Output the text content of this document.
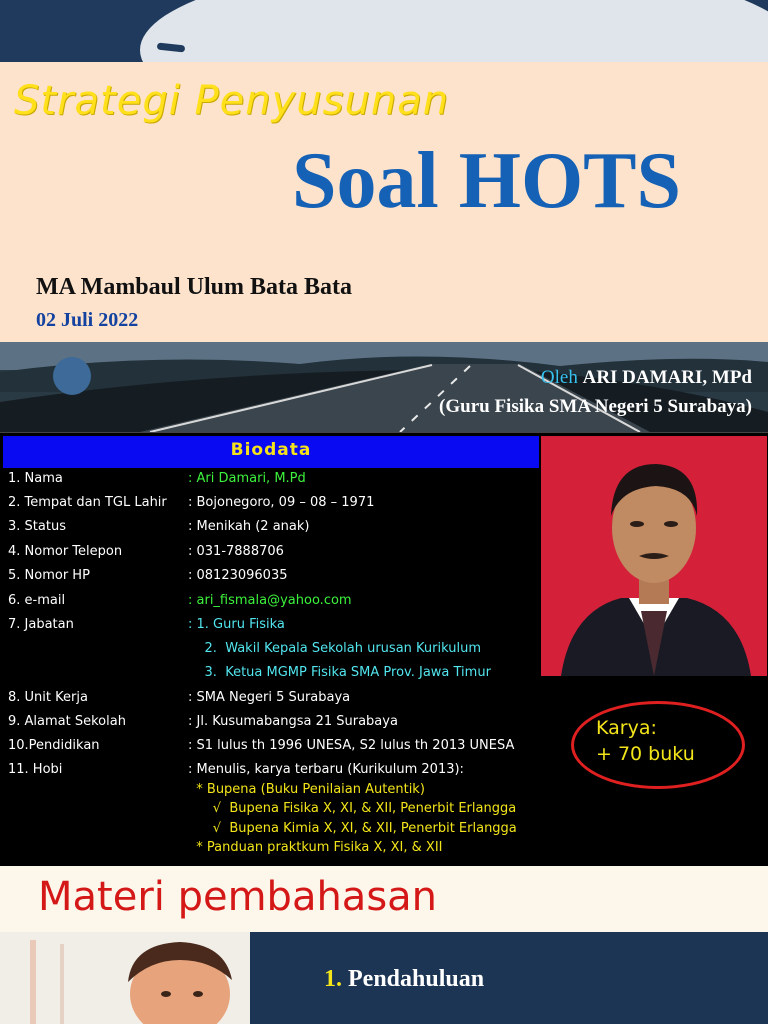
Strategi Penyusunan
Soal HOTS
MA Mambaul Ulum Bata Bata
02 Juli 2022
Oleh ARI DAMARI, MPd
(Guru Fisika SMA Negeri 5 Surabaya)
Biodata
1. Nama	: Ari Damari, M.Pd
2. Tempat dan TGL Lahir : Bojonegoro, 09 – 08 – 1971
3. Status	: Menikah (2 anak)
4. Nomor Telepon	: 031-7888706
5. Nomor HP	: 08123096035
6. e-mail	: ari_fismala@yahoo.com
7. Jabatan	: 1. Guru Fisika
2.  Wakil Kepala Sekolah urusan Kurikulum
3.  Ketua MGMP Fisika SMA Prov. Jawa Timur
8. Unit Kerja	: SMA Negeri 5 Surabaya
9. Alamat Sekolah	: Jl. Kusumabangsa 21 Surabaya
10.Pendidikan	: S1 lulus th 1996 UNESA, S2 lulus th 2013 UNESA
11. Hobi	: Menulis, karya terbaru (Kurikulum 2013):
* Bupena (Buku Penilaian Autentik)
√  Bupena Fisika X, XI, & XII, Penerbit Erlangga
√  Bupena Kimia X, XI, & XII, Penerbit Erlangga
* Panduan praktkum Fisika X, XI, & XII
Karya:
+ 70 buku
Materi pembahasan
1. Pendahuluan
